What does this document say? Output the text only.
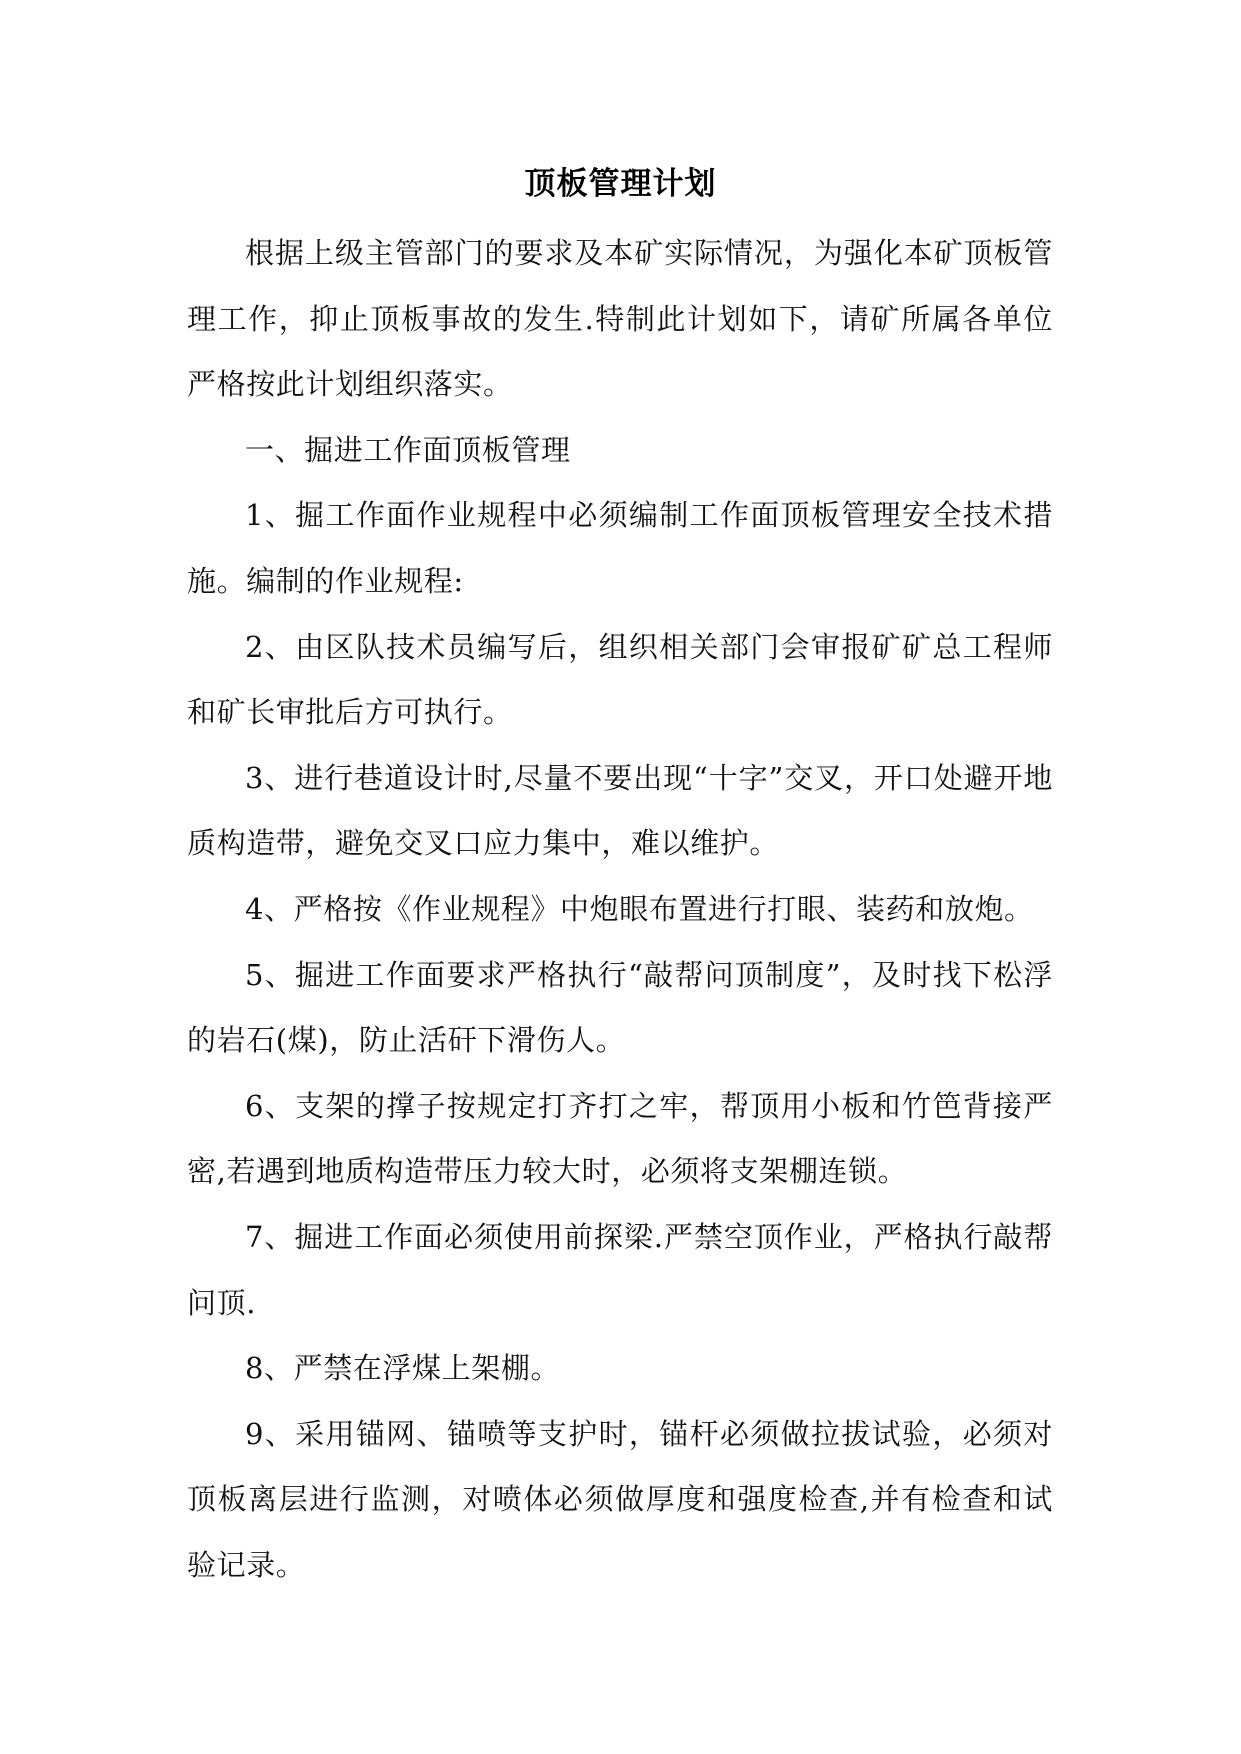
顶板管理计划

根据上级主管部门的要求及本矿实际情况，为强化本矿顶板管理工作，抑止顶板事故的发生.特制此计划如下，请矿所属各单位严格按此计划组织落实。

一、掘进工作面顶板管理

1、掘工作面作业规程中必须编制工作面顶板管理安全技术措施。编制的作业规程:

2、由区队技术员编写后，组织相关部门会审报矿矿总工程师和矿长审批后方可执行。

3、进行巷道设计时,尽量不要出现“十字”交叉，开口处避开地质构造带，避免交叉口应力集中，难以维护。

4、严格按《作业规程》中炮眼布置进行打眼、装药和放炮。

5、掘进工作面要求严格执行“敲帮问顶制度”，及时找下松浮的岩石(煤)，防止活矸下滑伤人。

6、支架的撑子按规定打齐打之牢，帮顶用小板和竹笆背接严密,若遇到地质构造带压力较大时，必须将支架棚连锁。

7、掘进工作面必须使用前探梁.严禁空顶作业，严格执行敲帮问顶.

8、严禁在浮煤上架棚。

9、采用锚网、锚喷等支护时，锚杆必须做拉拔试验，必须对顶板离层进行监测，对喷体必须做厚度和强度检查,并有检查和试验记录。
